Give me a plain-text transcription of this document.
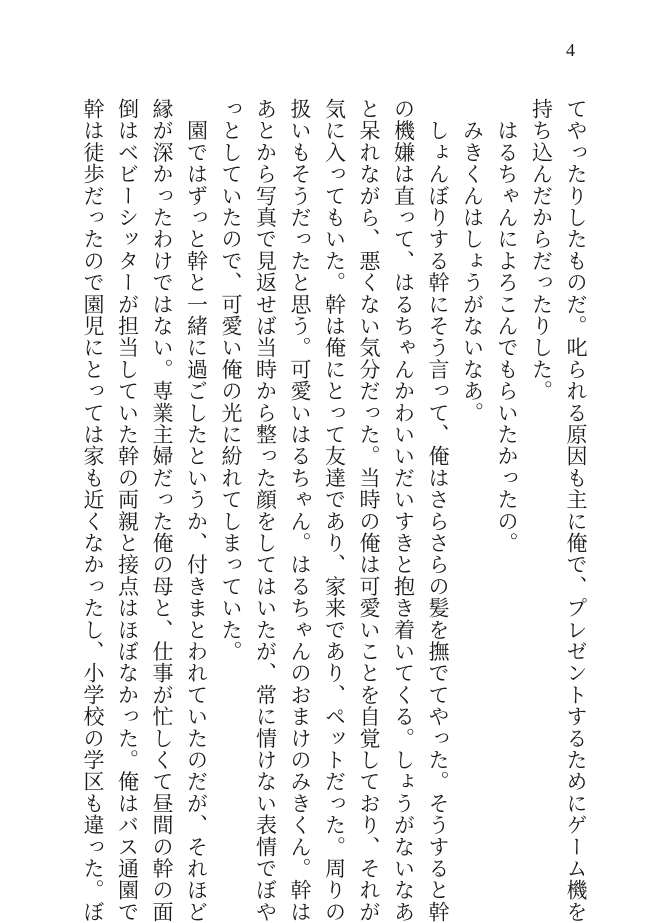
4

てやったりしたものだ。叱られる原因も主に俺で、プレゼントするためにゲーム機を

持ち込んだからだったりした。

　はるちゃんによろこんでもらいたかったの。

　みきくんはしょうがないなあ。

　しょんぼりする幹にそう言って、俺はさらさらの髪を撫でてやった。そうすると幹

の機嫌は直って、はるちゃんかわいいだいすきと抱き着いてくる。しょうがないなあ

と呆れながら、悪くない気分だった。当時の俺は可愛いことを自覚しており、それが

気に入ってもいた。幹は俺にとって友達であり、家来であり、ペットだった。周りの

扱いもそうだったと思う。可愛いはるちゃん。はるちゃんのおまけのみきくん。幹は

あとから写真で見返せば当時から整った顔をしてはいたが、常に情けない表情でぼや

っとしていたので、可愛い俺の光に紛れてしまっていた。

　園ではずっと幹と一緒に過ごしたというか、付きまとわれていたのだが、それほど

縁が深かったわけではない。専業主婦だった俺の母と、仕事が忙しくて昼間の幹の面

倒はベビーシッターが担当していた幹の両親と接点はほぼなかった。俺はバス通園で

幹は徒歩だったので園児にとっては家も近くなかったし、小学校の学区も違った。ぼ
